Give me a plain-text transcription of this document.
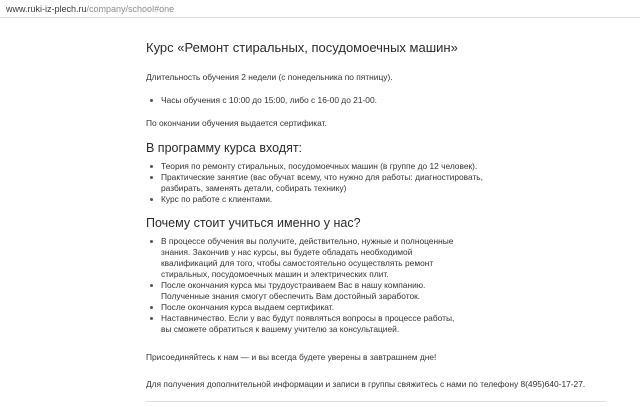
www.ruki-iz-plech.ru/company/school#one
Курс «Ремонт стиральных, посудомоечных машин»

Длительность обучения 2 недели (с понедельника по пятницу).

Часы обучения с 10:00 до 15:00, либо с 16-00 до 21-00.

По окончании обучения выдается сертификат.

В программу курса входят:
Теория по ремонту стиральных, посудомоечных машин (в группе до 12 человек).
Практические занятие (вас обучат всему, что нужно для работы: диагностировать, разбирать, заменять детали, собирать технику)
Курс по работе с клиентами.
Почему стоит учиться именно у нас?
В процессе обучения вы получите, действительно, нужные и полноценные знания. Закончив у нас курсы, вы будете обладать необходимой квалификаций для того, чтобы самостоятельно осуществлять ремонт стиральных, посудомоечных машин и электрических плит.
После окончания курса мы трудоустраиваем Вас в нашу компанию. Полученные знания смогут обеспечить Вам достойный заработок.
После окончания курса выдаем сертификат.
Наставничество. Если у вас будут появляться вопросы в процессе работы, вы сможете обратиться к вашему учителю за консультацией.

Присоединяйтесь к нам — и вы всегда будете уверены в завтрашнем дне!

Для получения дополнительной информации и записи в группы свяжитесь с нами по телефону 8(495)640-17-27.
